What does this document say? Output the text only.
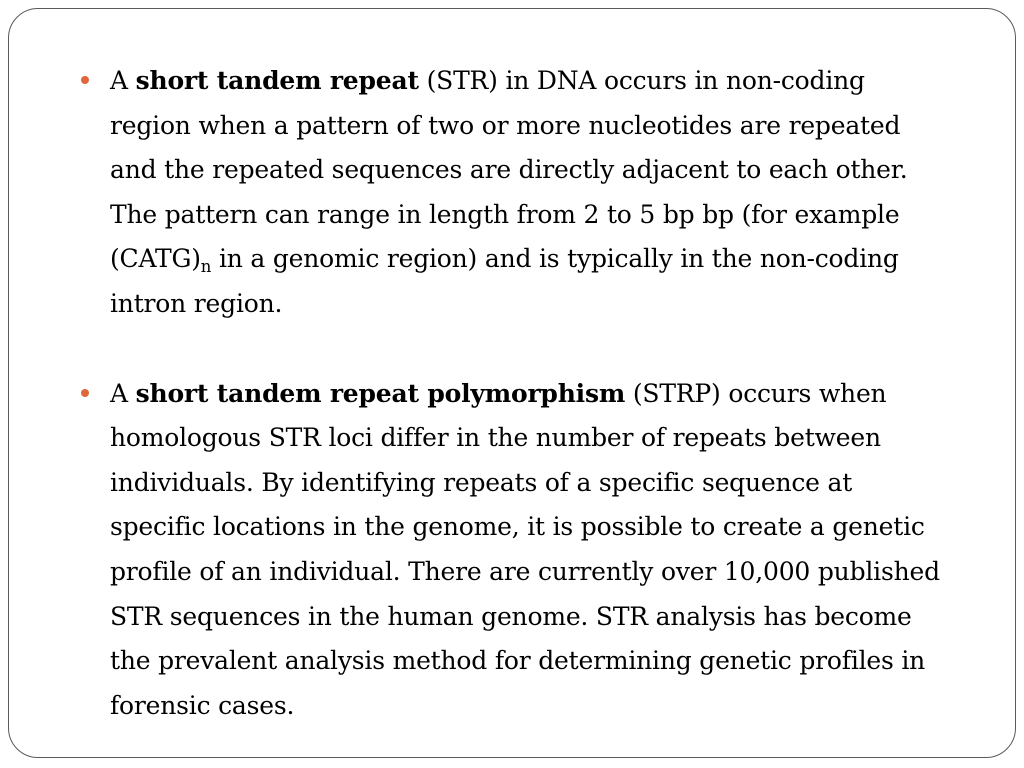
A short tandem repeat (STR) in DNA occurs in non-coding region when a pattern of two or more nucleotides are repeated and the repeated sequences are directly adjacent to each other. The pattern can range in length from 2 to 5 bp bp (for example $(CATG)_n$ in a genomic region) and is typically in the non-coding intron region.
A short tandem repeat polymorphism (STRP) occurs when homologous STR loci differ in the number of repeats between individuals. By identifying repeats of a specific sequence at specific locations in the genome, it is possible to create a genetic profile of an individual. There are currently over 10,000 published STR sequences in the human genome. STR analysis has become the prevalent analysis method for determining genetic profiles in forensic cases.
